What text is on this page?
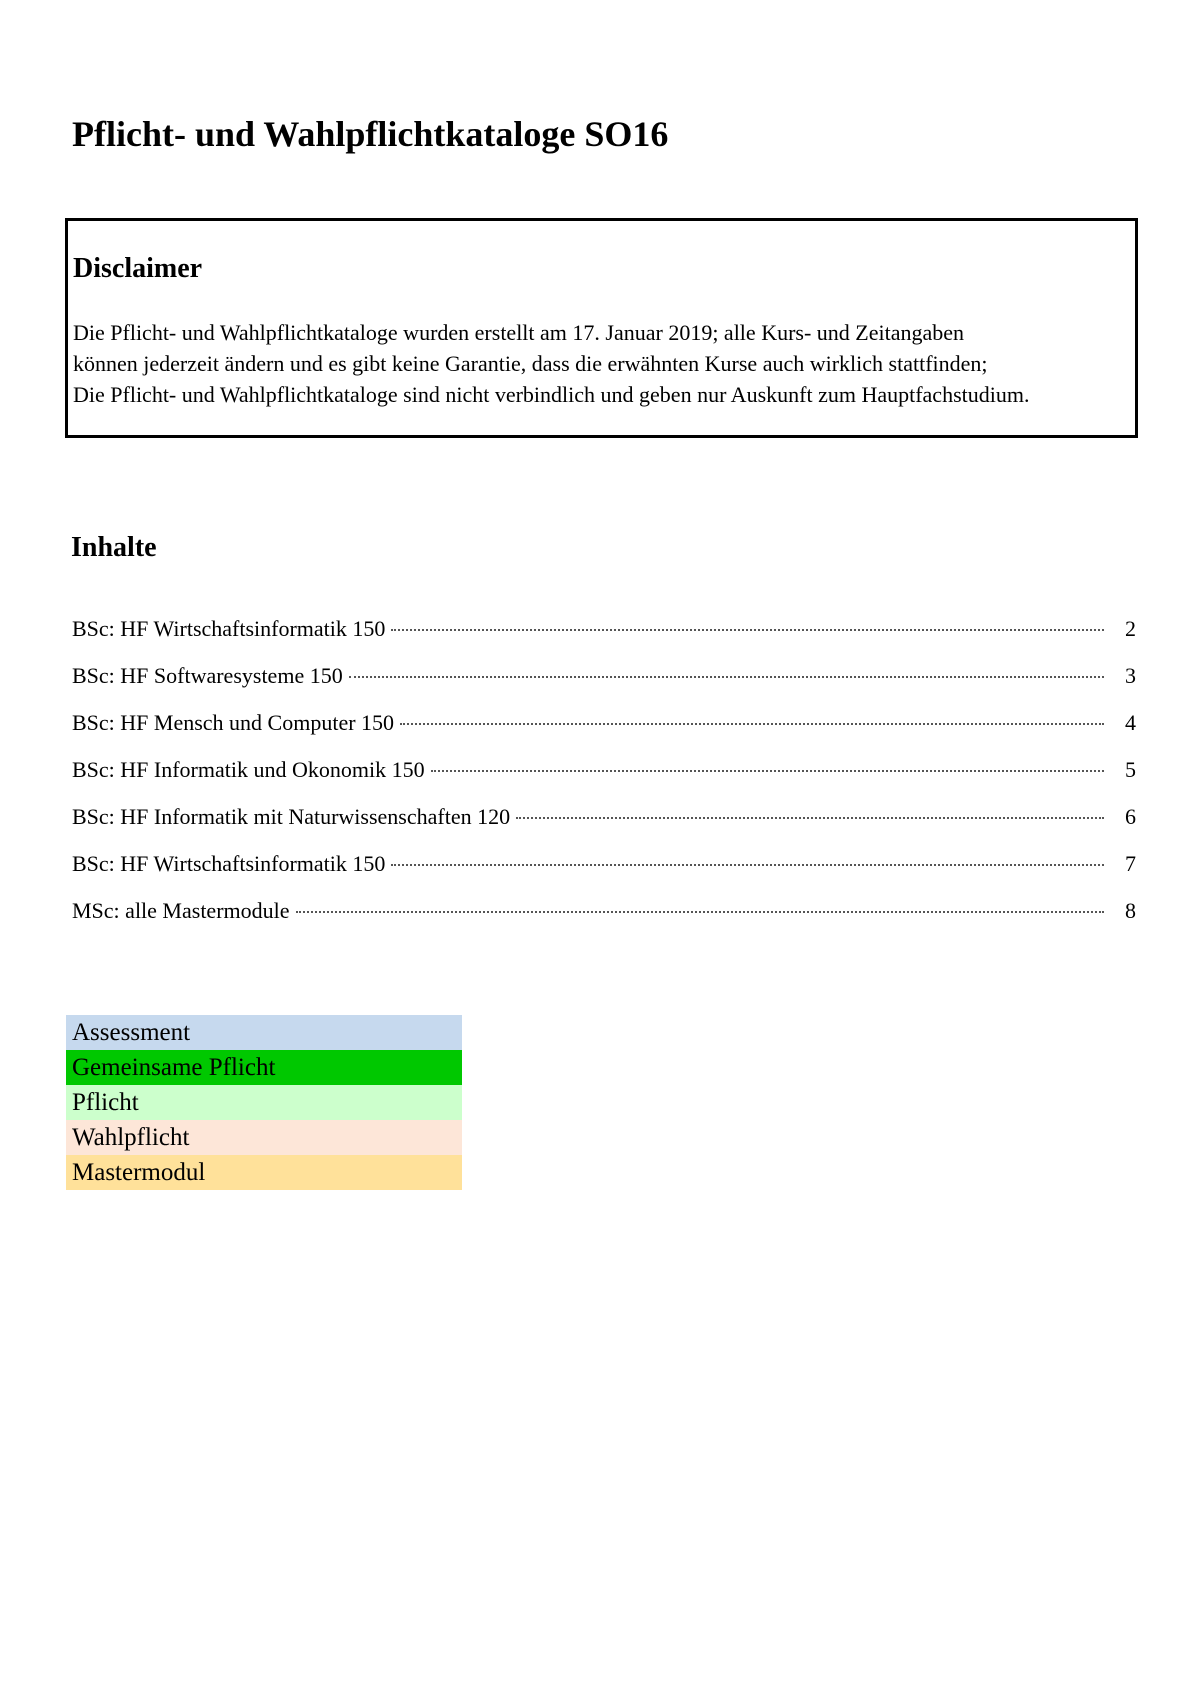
Pflicht- und Wahlpflichtkataloge SO16
Disclaimer
Die Pflicht- und Wahlpflichtkataloge wurden erstellt am 17. Januar 2019; alle Kurs- und Zeitangaben
können jederzeit ändern und es gibt keine Garantie, dass die erwähnten Kurse auch wirklich stattfinden;
Die Pflicht- und Wahlpflichtkataloge sind nicht verbindlich und geben nur Auskunft zum Hauptfachstudium.
Inhalte
BSc: HF Wirtschaftsinformatik 150	2
BSc: HF Softwaresysteme 150	3
BSc: HF Mensch und Computer 150	4
BSc: HF Informatik und Okonomik 150	5
BSc: HF Informatik mit Naturwissenschaften 120	6
BSc: HF Wirtschaftsinformatik 150	7
MSc: alle Mastermodule	8
Assessment
Gemeinsame Pflicht
Pflicht
Wahlpflicht
Mastermodul
